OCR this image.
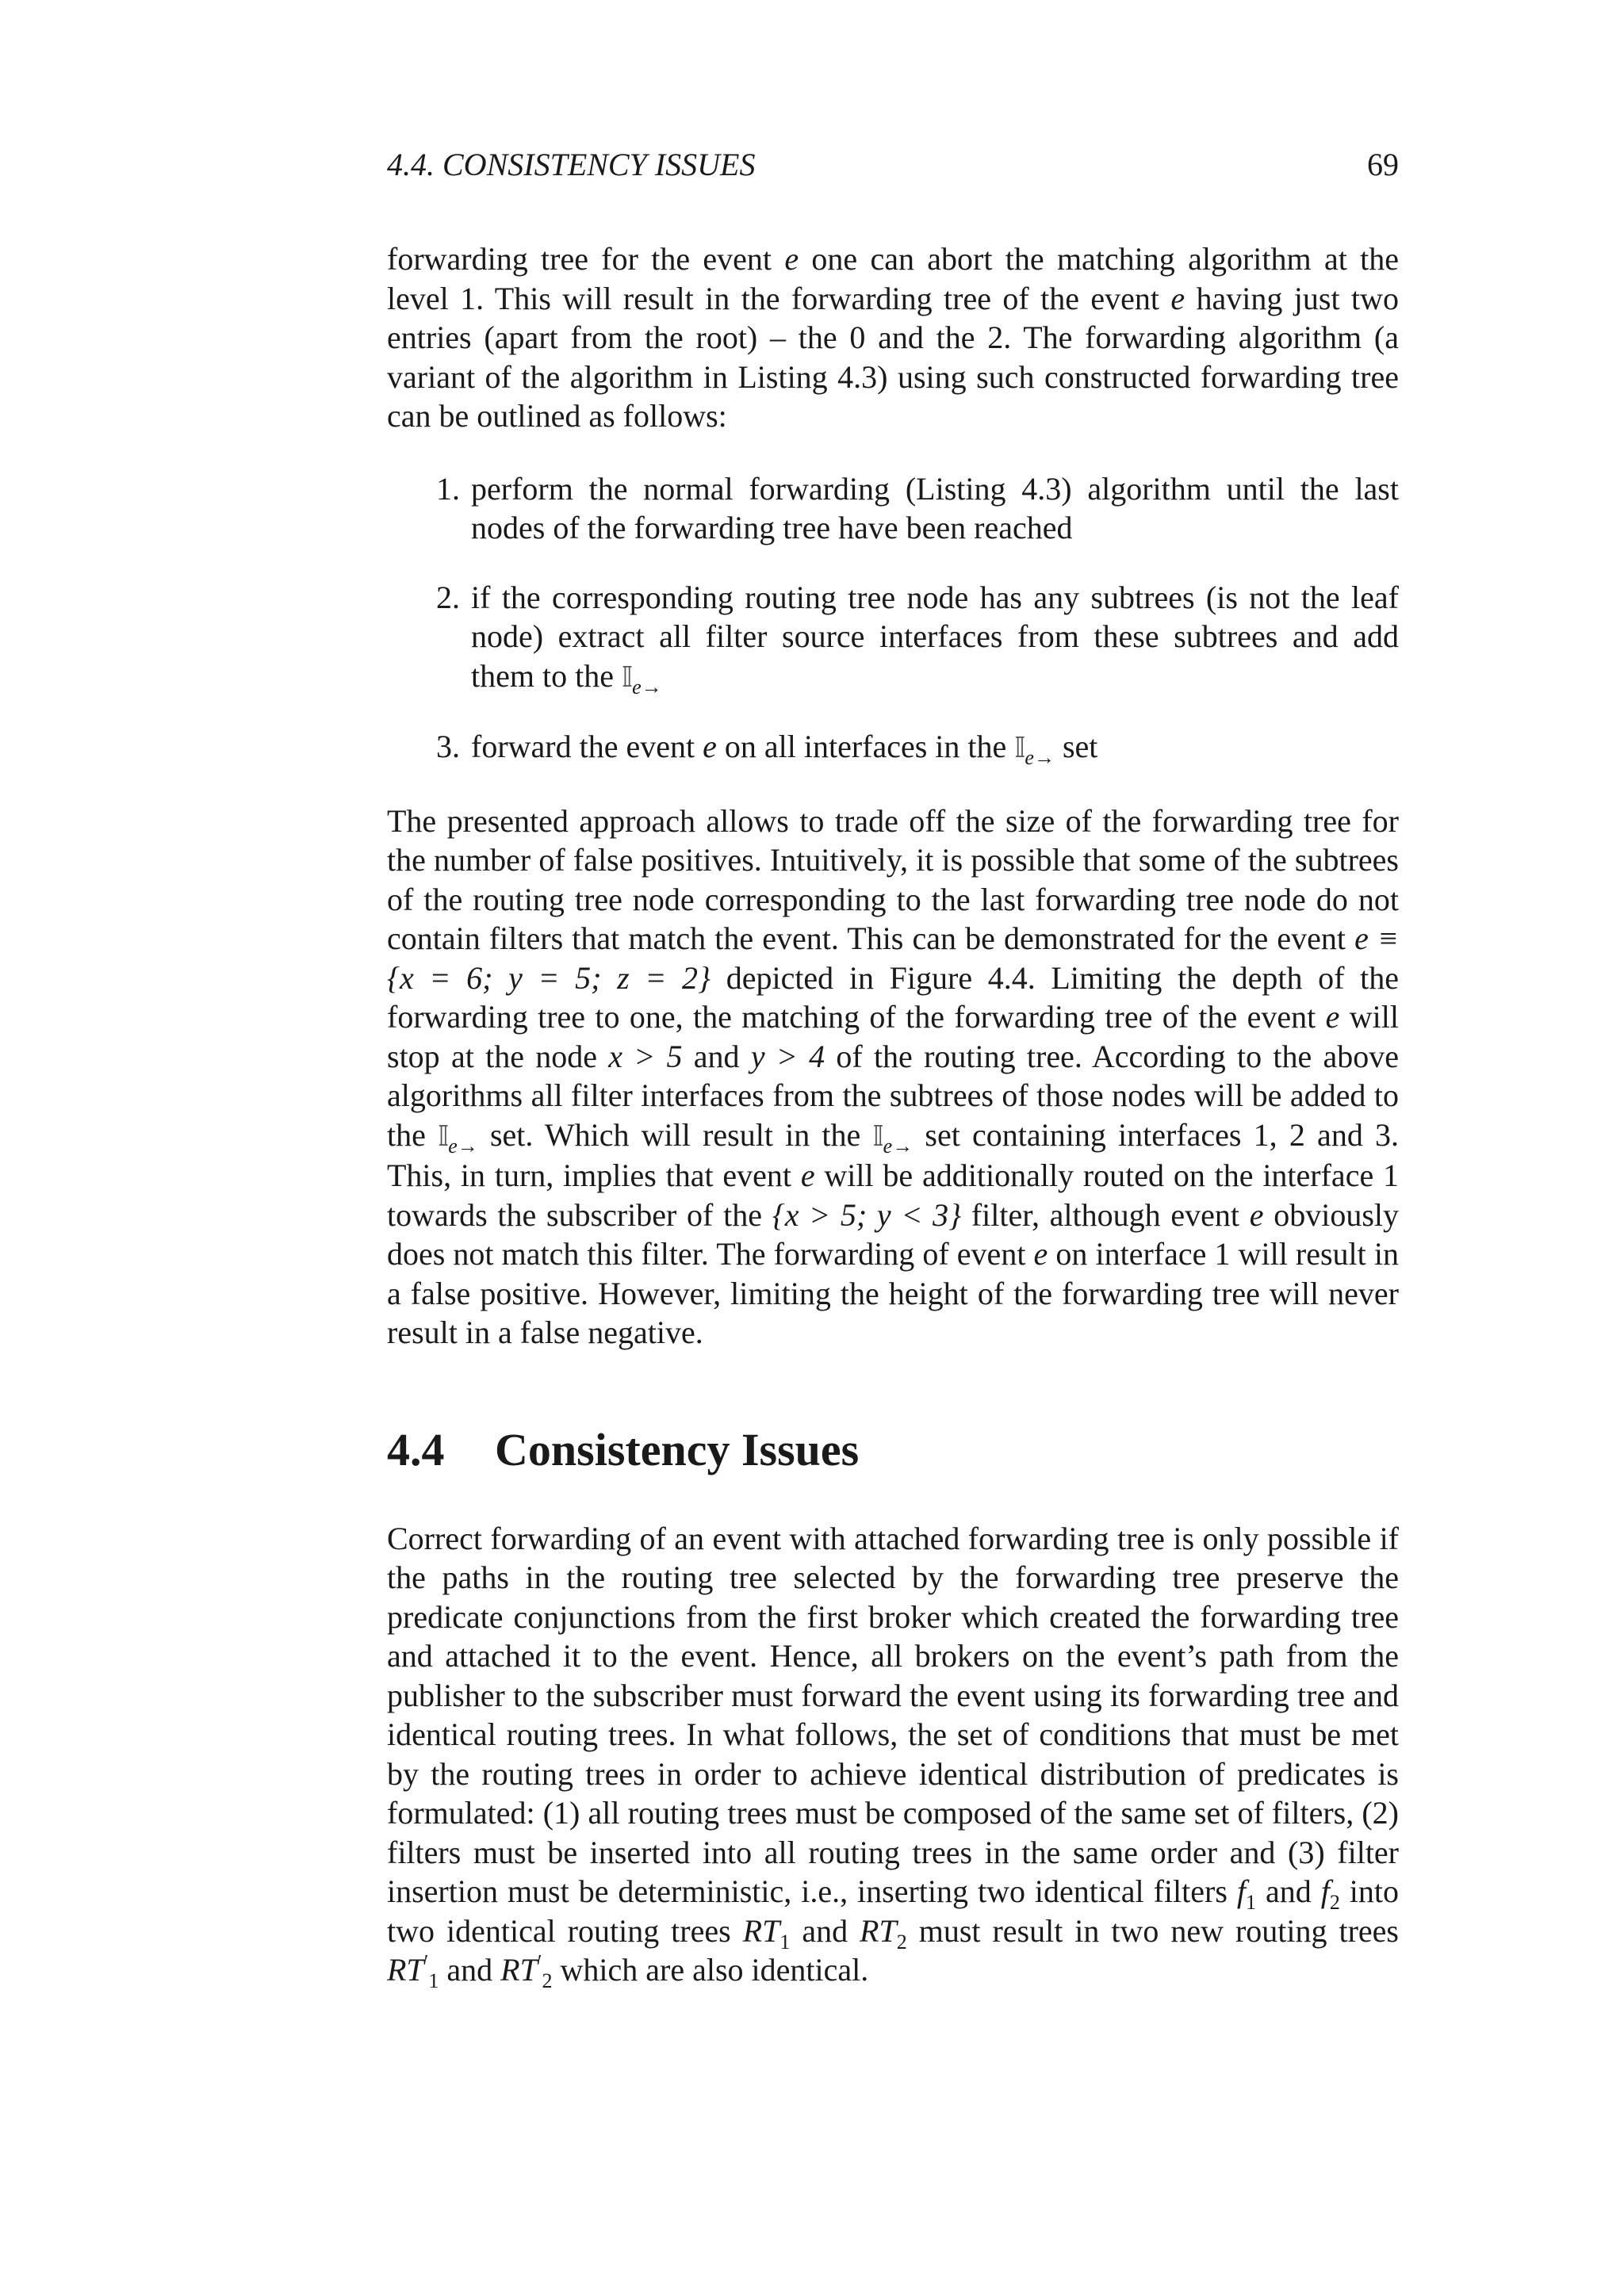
4.4. CONSISTENCY ISSUES	69

forwarding tree for the event e one can abort the matching algorithm at the level 1. This will result in the forwarding tree of the event e having just two entries (apart from the root) – the 0 and the 2. The forwarding algorithm (a variant of the algorithm in Listing 4.3) using such constructed forwarding tree can be outlined as follows:

1. perform the normal forwarding (Listing 4.3) algorithm until the last nodes of the forwarding tree have been reached
2. if the corresponding routing tree node has any subtrees (is not the leaf node) extract all filter source interfaces from these subtrees and add them to the 𝕀$_{e\to}$
3. forward the event e on all interfaces in the 𝕀$_{e\to}$ set

The presented approach allows to trade off the size of the forwarding tree for the number of false positives. Intuitively, it is possible that some of the subtrees of the routing tree node corresponding to the last forwarding tree node do not contain filters that match the event. This can be demonstrated for the event e ≡ {x = 6; y = 5; z = 2} depicted in Figure 4.4. Limiting the depth of the forwarding tree to one, the matching of the forwarding tree of the event e will stop at the node x > 5 and y > 4 of the routing tree. According to the above algorithms all filter interfaces from the subtrees of those nodes will be added to the 𝕀$_{e\to}$ set. Which will result in the 𝕀$_{e\to}$ set containing interfaces 1, 2 and 3. This, in turn, implies that event e will be additionally routed on the interface 1 towards the subscriber of the {x > 5; y < 3} filter, although event e obviously does not match this filter. The forwarding of event e on interface 1 will result in a false positive. However, limiting the height of the forwarding tree will never result in a false negative.

4.4 Consistency Issues

Correct forwarding of an event with attached forwarding tree is only possible if the paths in the routing tree selected by the forwarding tree preserve the predicate conjunctions from the first broker which created the forwarding tree and attached it to the event. Hence, all brokers on the event’s path from the publisher to the subscriber must forward the event using its forwarding tree and identical routing trees. In what follows, the set of conditions that must be met by the routing trees in order to achieve identical distribution of predicates is formulated: (1) all routing trees must be composed of the same set of filters, (2) filters must be inserted into all routing trees in the same order and (3) filter insertion must be deterministic, i.e., inserting two identical filters $f_1$ and $f_2$ into two identical routing trees $RT_1$ and $RT_2$ must result in two new routing trees $RT'_1$ and $RT'_2$ which are also identical.
